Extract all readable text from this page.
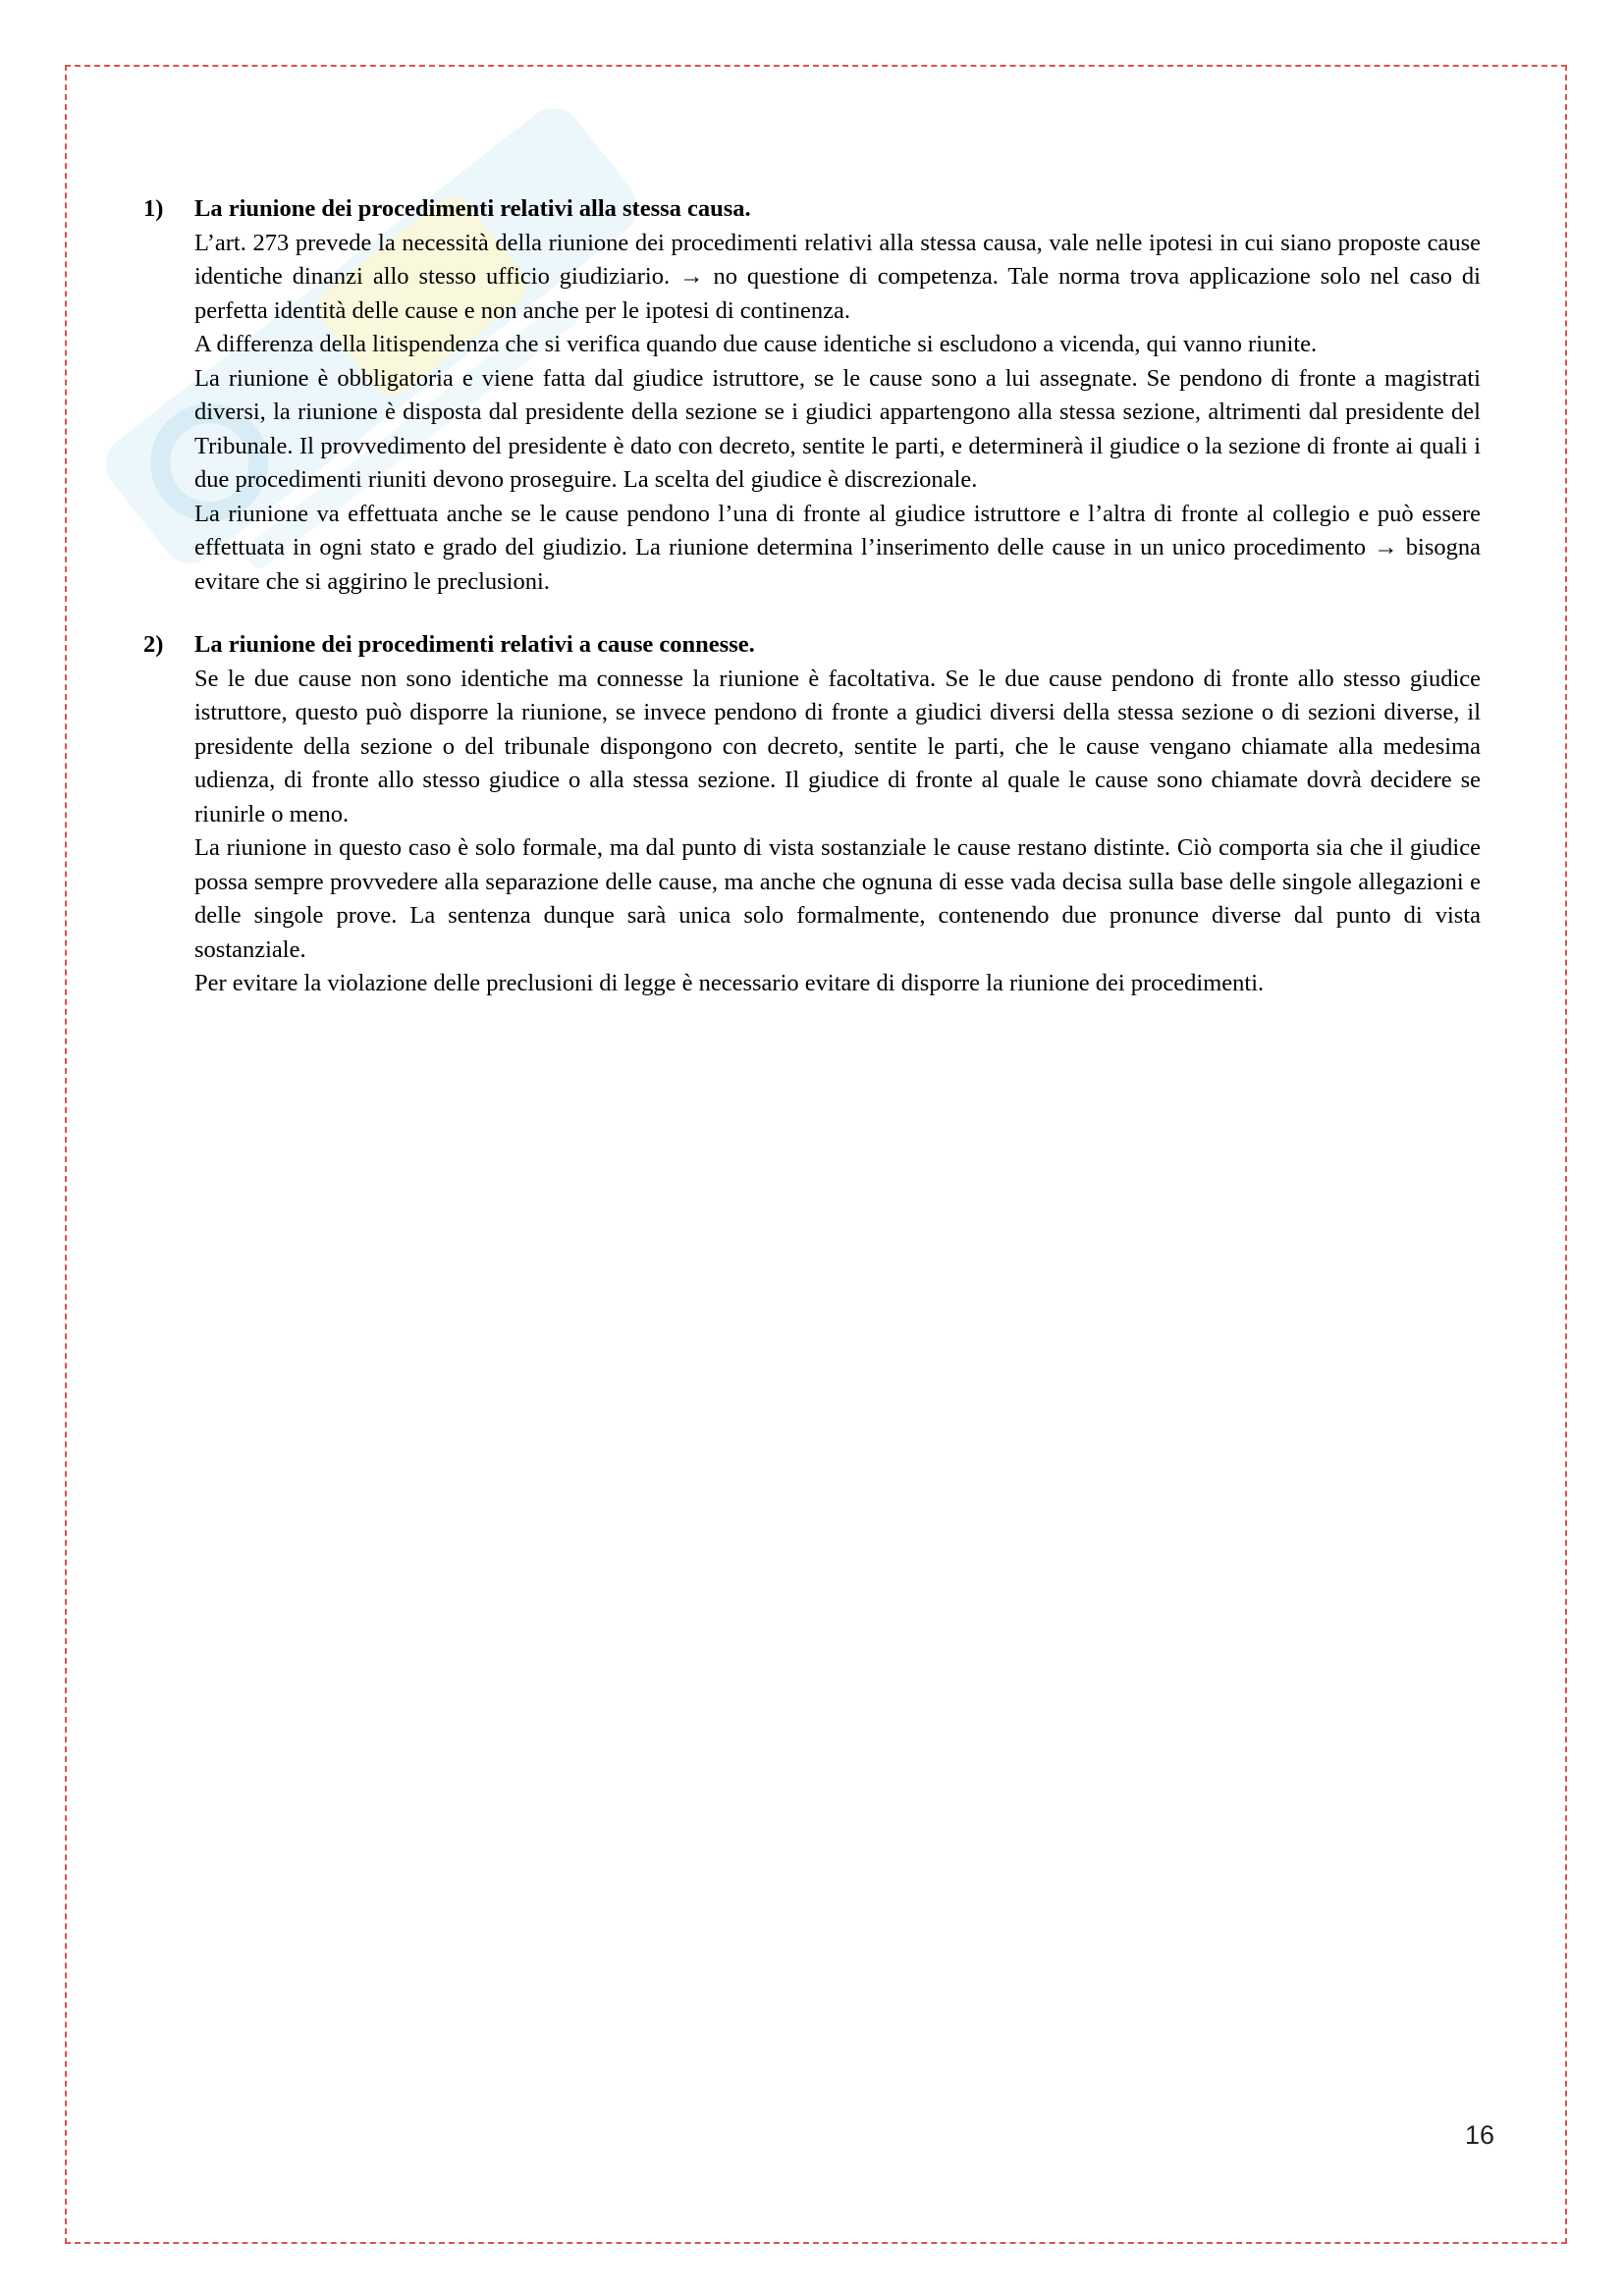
1)	La riunione dei procedimenti relativi alla stessa causa.

L’art. 273 prevede la necessità della riunione dei procedimenti relativi alla stessa causa, vale nelle ipotesi in cui siano proposte cause identiche dinanzi allo stesso ufficio giudiziario. → no questione di competenza. Tale norma trova applicazione solo nel caso di perfetta identità delle cause e non anche per le ipotesi di continenza.

A differenza della litispendenza che si verifica quando due cause identiche si escludono a vicenda, qui vanno riunite.

La riunione è obbligatoria e viene fatta dal giudice istruttore, se le cause sono a lui assegnate. Se pendono di fronte a magistrati diversi, la riunione è disposta dal presidente della sezione se i giudici appartengono alla stessa sezione, altrimenti dal presidente del Tribunale. Il provvedimento del presidente è dato con decreto, sentite le parti, e determinerà il giudice o la sezione di fronte ai quali i due procedimenti riuniti devono proseguire. La scelta del giudice è discrezionale.

La riunione va effettuata anche se le cause pendono l’una di fronte al giudice istruttore e l’altra di fronte al collegio e può essere effettuata in ogni stato e grado del giudizio. La riunione determina l’inserimento delle cause in un unico procedimento → bisogna evitare che si aggirino le preclusioni.

2)	La riunione dei procedimenti relativi a cause connesse.

Se le due cause non sono identiche ma connesse la riunione è facoltativa. Se le due cause pendono di fronte allo stesso giudice istruttore, questo può disporre la riunione, se invece pendono di fronte a giudici diversi della stessa sezione o di sezioni diverse, il presidente della sezione o del tribunale dispongono con decreto, sentite le parti, che le cause vengano chiamate alla medesima udienza, di fronte allo stesso giudice o alla stessa sezione. Il giudice di fronte al quale le cause sono chiamate dovrà decidere se riunirle o meno.

La riunione in questo caso è solo formale, ma dal punto di vista sostanziale le cause restano distinte. Ciò comporta sia che il giudice possa sempre provvedere alla separazione delle cause, ma anche che ognuna di esse vada decisa sulla base delle singole allegazioni e delle singole prove. La sentenza dunque sarà unica solo formalmente, contenendo due pronunce diverse dal punto di vista sostanziale.

Per evitare la violazione delle preclusioni di legge è necessario evitare di disporre la riunione dei procedimenti.

16
